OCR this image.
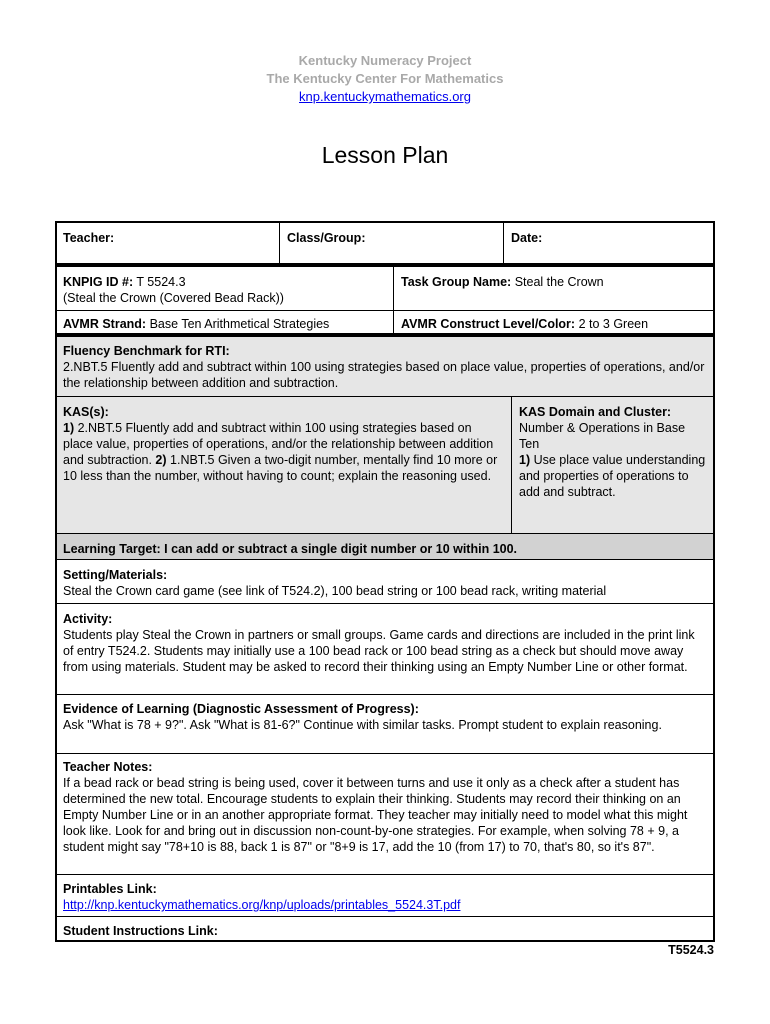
Kentucky Numeracy Project
The Kentucky Center For Mathematics
knp.kentuckymathematics.org
Lesson Plan
Teacher:	Class/Group:	Date:
KNPIG ID #: T 5524.3
(Steal the Crown (Covered Bead Rack))
Task Group Name: Steal the Crown
AVMR Strand: Base Ten Arithmetical Strategies	AVMR Construct Level/Color: 2 to 3 Green
Fluency Benchmark for RTI:
2.NBT.5 Fluently add and subtract within 100 using strategies based on place value, properties of operations, and/or the relationship between addition and subtraction.
KAS(s):
1) 2.NBT.5 Fluently add and subtract within 100 using strategies based on place value, properties of operations, and/or the relationship between addition and subtraction. 2) 1.NBT.5 Given a two-digit number, mentally find 10 more or 10 less than the number, without having to count; explain the reasoning used.
KAS Domain and Cluster:
Number & Operations in Base Ten
1) Use place value understanding and properties of operations to add and subtract.
Learning Target: I can add or subtract a single digit number or 10 within 100.
Setting/Materials:
Steal the Crown card game (see link of T524.2), 100 bead string or 100 bead rack, writing material
Activity:
Students play Steal the Crown in partners or small groups. Game cards and directions are included in the print link of entry T524.2. Students may initially use a 100 bead rack or 100 bead string as a check but should move away from using materials. Student may be asked to record their thinking using an Empty Number Line or other format.
Evidence of Learning (Diagnostic Assessment of Progress):
Ask "What is 78 + 9?". Ask "What is 81-6?" Continue with similar tasks. Prompt student to explain reasoning.
Teacher Notes:
If a bead rack or bead string is being used, cover it between turns and use it only as a check after a student has determined the new total. Encourage students to explain their thinking. Students may record their thinking on an Empty Number Line or in an another appropriate format. They teacher may initially need to model what this might look like. Look for and bring out in discussion non-count-by-one strategies. For example, when solving 78 + 9, a student might say "78+10 is 88, back 1 is 87" or "8+9 is 17, add the 10 (from 17) to 70, that's 80, so it's 87".
Printables Link:
http://knp.kentuckymathematics.org/knp/uploads/printables_5524.3T.pdf
Student Instructions Link:
T5524.3
